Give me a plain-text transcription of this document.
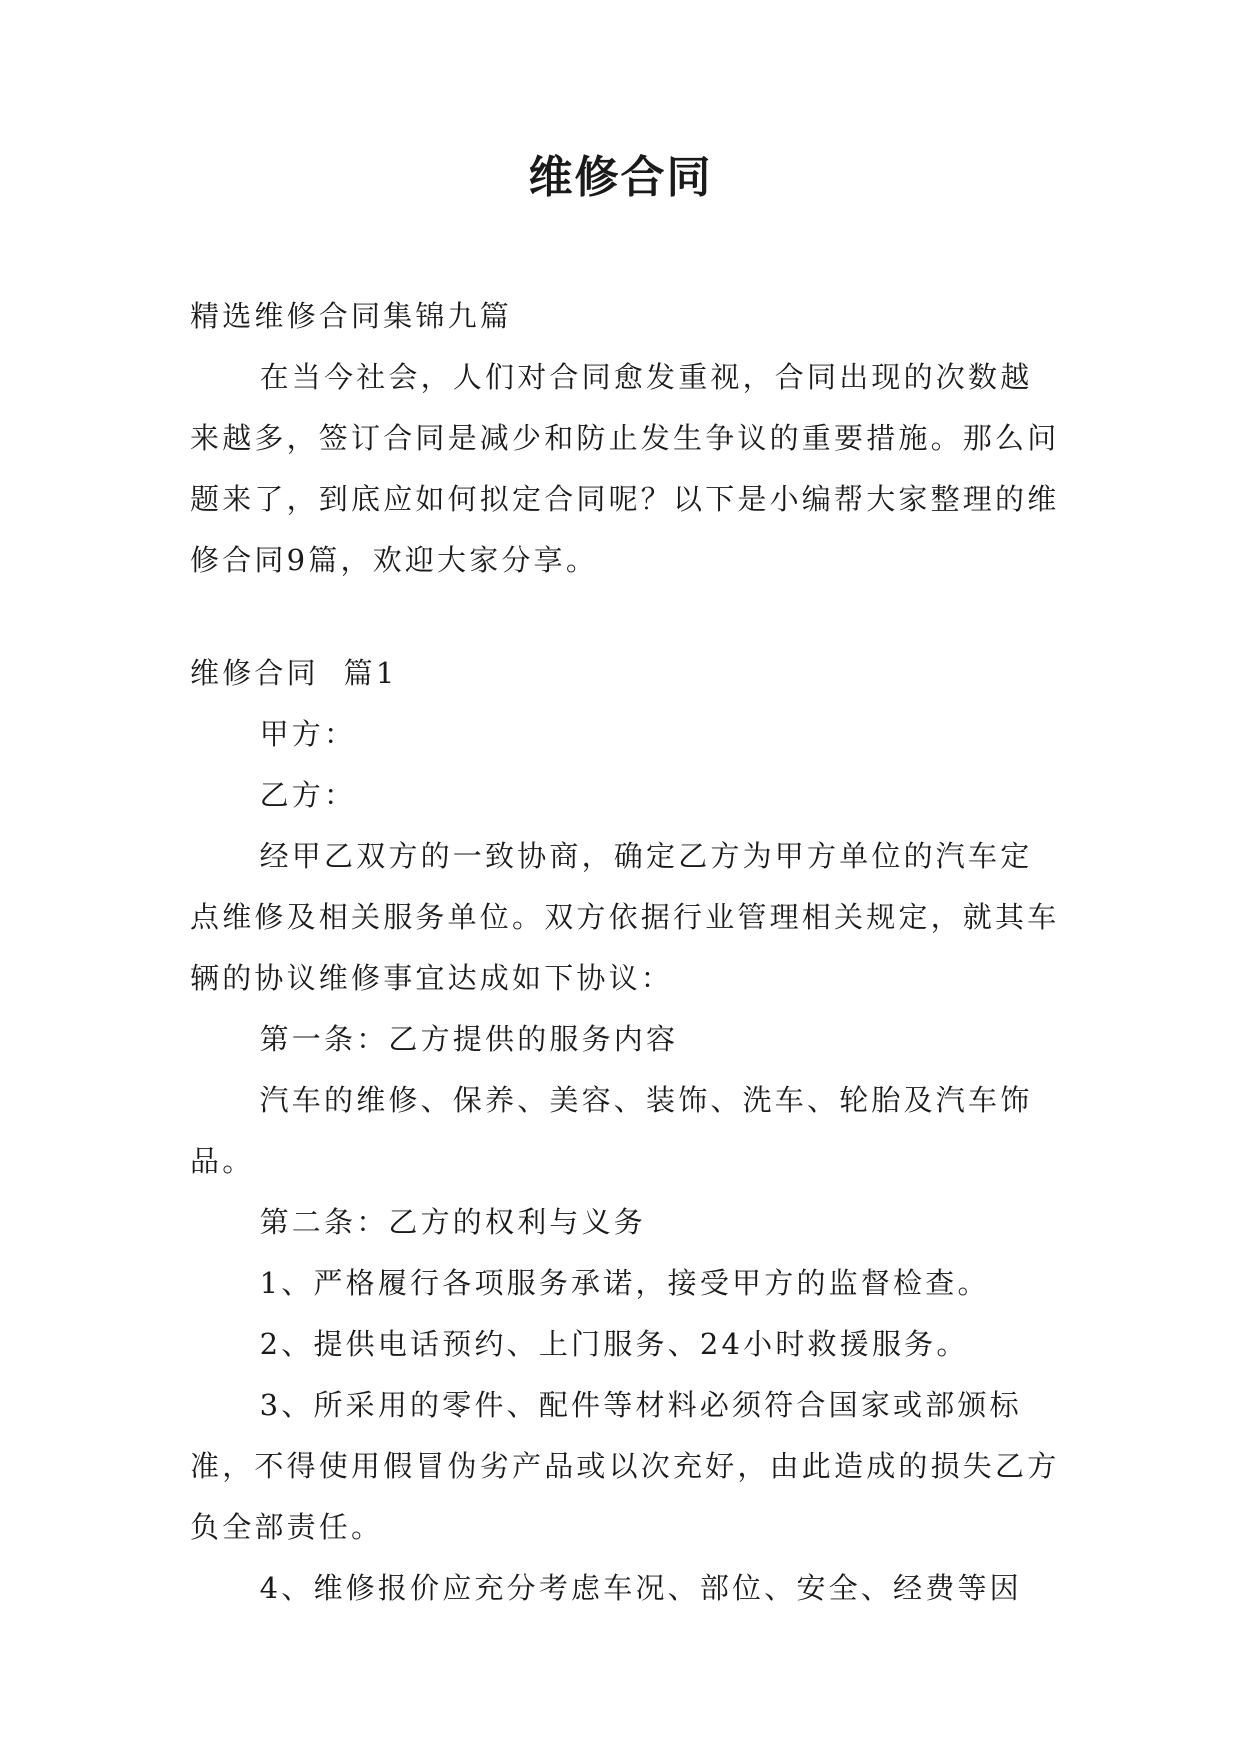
维修合同

精选维修合同集锦九篇

在当今社会，人们对合同愈发重视，合同出现的次数越来越多，签订合同是减少和防止发生争议的重要措施。那么问题来了，到底应如何拟定合同呢？以下是小编帮大家整理的维修合同9篇，欢迎大家分享。

维修合同  篇1

甲方：

乙方：

经甲乙双方的一致协商，确定乙方为甲方单位的汽车定点维修及相关服务单位。双方依据行业管理相关规定，就其车辆的协议维修事宜达成如下协议：

第一条：乙方提供的服务内容

汽车的维修、保养、美容、装饰、洗车、轮胎及汽车饰品。

第二条：乙方的权利与义务

1、严格履行各项服务承诺，接受甲方的监督检查。

2、提供电话预约、上门服务、24小时救援服务。

3、所采用的零件、配件等材料必须符合国家或部颁标准，不得使用假冒伪劣产品或以次充好，由此造成的损失乙方负全部责任。

4、维修报价应充分考虑车况、部位、安全、经费等因
